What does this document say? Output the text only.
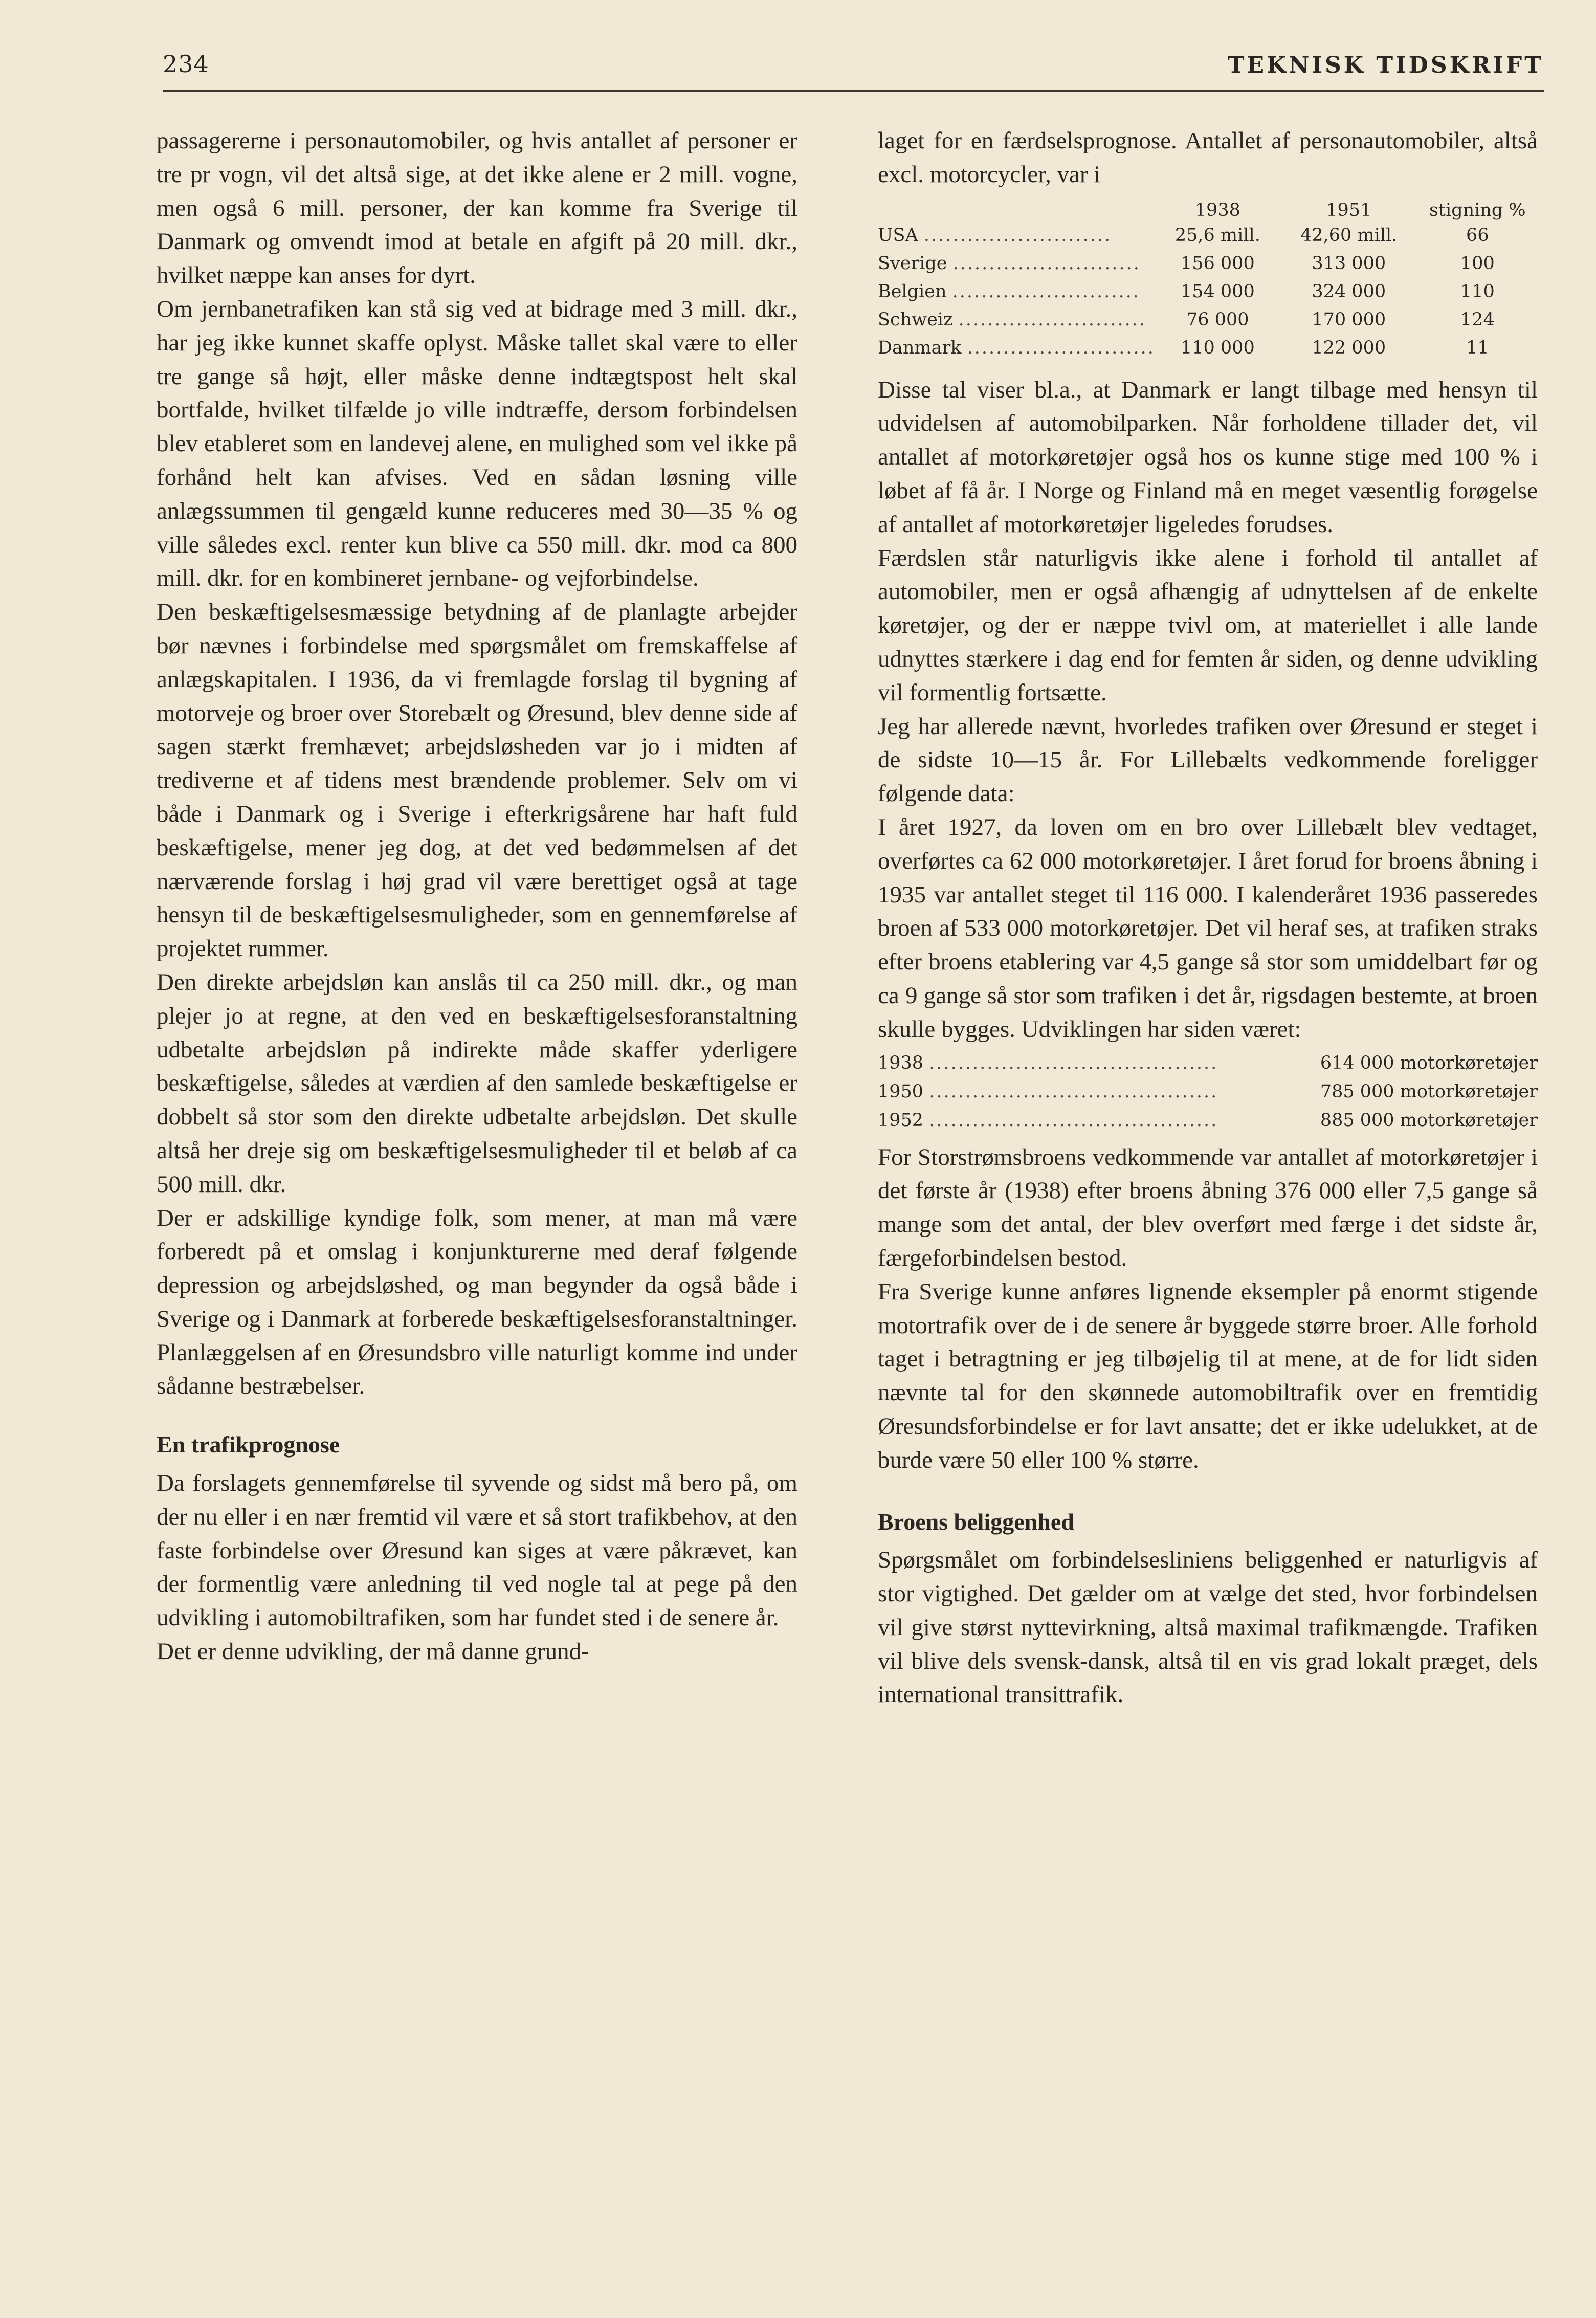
234	TEKNISK TIDSKRIFT

passagererne i personautomobiler, og hvis antallet af personer er tre pr vogn, vil det altså sige, at det ikke alene er 2 mill. vogne, men også 6 mill. personer, der kan komme fra Sverige til Danmark og omvendt imod at betale en afgift på 20 mill. dkr., hvilket næppe kan anses for dyrt.

Om jernbanetrafiken kan stå sig ved at bidrage med 3 mill. dkr., har jeg ikke kunnet skaffe oplyst. Måske tallet skal være to eller tre gange så højt, eller måske denne indtægtspost helt skal bortfalde, hvilket tilfælde jo ville indtræffe, dersom forbindelsen blev etableret som en landevej alene, en mulighed som vel ikke på forhånd helt kan afvises. Ved en sådan løsning ville anlægssummen til gengæld kunne reduceres med 30—35 % og ville således excl. renter kun blive ca 550 mill. dkr. mod ca 800 mill. dkr. for en kombineret jernbane- og vejforbindelse.

Den beskæftigelsesmæssige betydning af de planlagte arbejder bør nævnes i forbindelse med spørgsmålet om fremskaffelse af anlægskapitalen. I 1936, da vi fremlagde forslag til bygning af motorveje og broer over Storebælt og Øresund, blev denne side af sagen stærkt fremhævet; arbejdsløsheden var jo i midten af trediverne et af tidens mest brændende problemer. Selv om vi både i Danmark og i Sverige i efterkrigsårene har haft fuld beskæftigelse, mener jeg dog, at det ved bedømmelsen af det nærværende forslag i høj grad vil være berettiget også at tage hensyn til de beskæftigelsesmuligheder, som en gennemførelse af projektet rummer.

Den direkte arbejdsløn kan anslås til ca 250 mill. dkr., og man plejer jo at regne, at den ved en beskæftigelsesforanstaltning udbetalte arbejdsløn på indirekte måde skaffer yderligere beskæftigelse, således at værdien af den samlede beskæftigelse er dobbelt så stor som den direkte udbetalte arbejdsløn. Det skulle altså her dreje sig om beskæftigelsesmuligheder til et beløb af ca 500 mill. dkr.

Der er adskillige kyndige folk, som mener, at man må være forberedt på et omslag i konjunkturerne med deraf følgende depression og arbejdsløshed, og man begynder da også både i Sverige og i Danmark at forberede beskæftigelsesforanstaltninger. Planlæggelsen af en Øresundsbro ville naturligt komme ind under sådanne bestræbelser.

En trafikprognose

Da forslagets gennemførelse til syvende og sidst må bero på, om der nu eller i en nær fremtid vil være et så stort trafikbehov, at den faste forbindelse over Øresund kan siges at være påkrævet, kan der formentlig være anledning til ved nogle tal at pege på den udvikling i automobiltrafiken, som har fundet sted i de senere år.

Det er denne udvikling, der må danne grund-

laget for en færdselsprognose. Antallet af personautomobiler, altså excl. motorcycler, var i

	1938	1951	stigning %
USA ..........................	25,6 mill.	42,60 mill.	66
Sverige ..........................	156 000	313 000	100
Belgien ..........................	154 000	324 000	110
Schweiz ..........................	76 000	170 000	124
Danmark ..........................	110 000	122 000	11

Disse tal viser bl.a., at Danmark er langt tilbage med hensyn til udvidelsen af automobilparken. Når forholdene tillader det, vil antallet af motorkøretøjer også hos os kunne stige med 100 % i løbet af få år. I Norge og Finland må en meget væsentlig forøgelse af antallet af motorkøretøjer ligeledes forudses.

Færdslen står naturligvis ikke alene i forhold til antallet af automobiler, men er også afhængig af udnyttelsen af de enkelte køretøjer, og der er næppe tvivl om, at materiellet i alle lande udnyttes stærkere i dag end for femten år siden, og denne udvikling vil formentlig fortsætte.

Jeg har allerede nævnt, hvorledes trafiken over Øresund er steget i de sidste 10—15 år. For Lillebælts vedkommende foreligger følgende data:

I året 1927, da loven om en bro over Lillebælt blev vedtaget, overførtes ca 62 000 motorkøretøjer. I året forud for broens åbning i 1935 var antallet steget til 116 000. I kalenderåret 1936 passeredes broen af 533 000 motorkøretøjer. Det vil heraf ses, at trafiken straks efter broens etablering var 4,5 gange så stor som umiddelbart før og ca 9 gange så stor som trafiken i det år, rigsdagen bestemte, at broen skulle bygges. Udviklingen har siden været:

1938 ........................................	614 000 motorkøretøjer
1950 ........................................	785 000 motorkøretøjer
1952 ........................................	885 000 motorkøretøjer

For Storstrømsbroens vedkommende var antallet af motorkøretøjer i det første år (1938) efter broens åbning 376 000 eller 7,5 gange så mange som det antal, der blev overført med færge i det sidste år, færgeforbindelsen bestod.

Fra Sverige kunne anføres lignende eksempler på enormt stigende motortrafik over de i de senere år byggede større broer. Alle forhold taget i betragtning er jeg tilbøjelig til at mene, at de for lidt siden nævnte tal for den skønnede automobiltrafik over en fremtidig Øresundsforbindelse er for lavt ansatte; det er ikke udelukket, at de burde være 50 eller 100 % større.

Broens beliggenhed

Spørgsmålet om forbindelsesliniens beliggenhed er naturligvis af stor vigtighed. Det gælder om at vælge det sted, hvor forbindelsen vil give størst nyttevirkning, altså maximal trafikmængde. Trafiken vil blive dels svensk-dansk, altså til en vis grad lokalt præget, dels international transittrafik.
